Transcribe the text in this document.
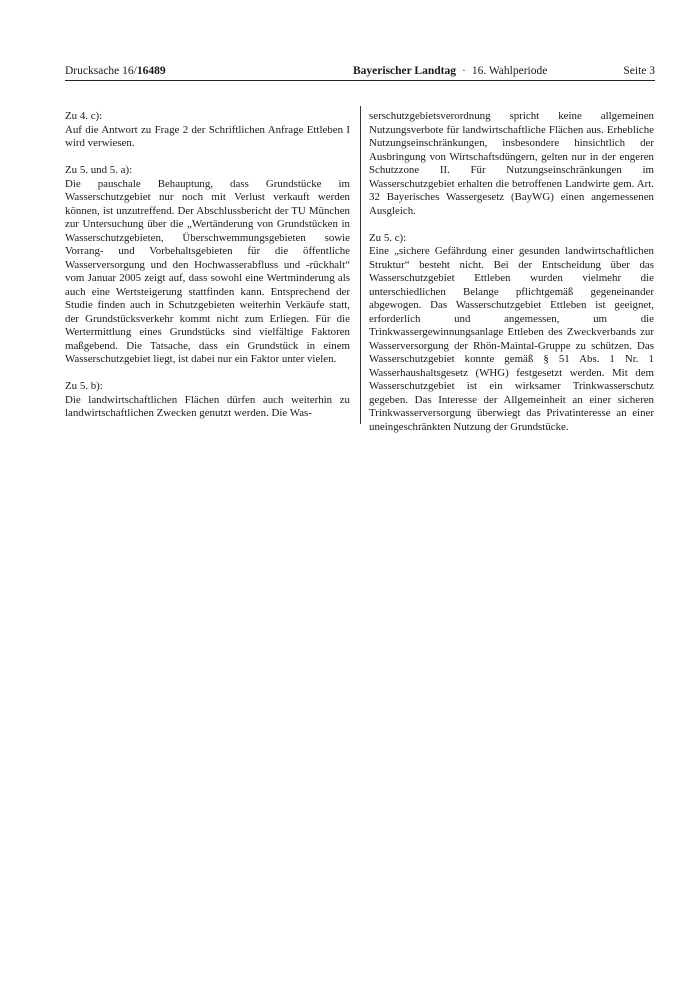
Drucksache 16/16489	Bayerischer Landtag · 16. Wahlperiode	Seite 3

Zu 4. c):
Auf die Antwort zu Frage 2 der Schriftlichen Anfrage Ettleben I wird verwiesen.

Zu 5. und 5. a):
Die pauschale Behauptung, dass Grundstücke im Wasserschutzgebiet nur noch mit Verlust verkauft werden können, ist unzutreffend. Der Abschlussbericht der TU München zur Untersuchung über die „Wertänderung von Grundstücken in Wasserschutzgebieten, Überschwemmungsgebieten sowie Vorrang- und Vorbehaltsgebieten für die öffentliche Wasserversorgung und den Hochwasserabfluss und -rückhalt“ vom Januar 2005 zeigt auf, dass sowohl eine Wertminderung als auch eine Wertsteigerung stattfinden kann. Entsprechend der Studie finden auch in Schutzgebieten weiterhin Verkäufe statt, der Grundstücksverkehr kommt nicht zum Erliegen. Für die Wertermittlung eines Grundstücks sind vielfältige Faktoren maßgebend. Die Tatsache, dass ein Grundstück in einem Wasserschutzgebiet liegt, ist dabei nur ein Faktor unter vielen.

Zu 5. b):
Die landwirtschaftlichen Flächen dürfen auch weiterhin zu landwirtschaftlichen Zwecken genutzt werden. Die Was-

serschutzgebietsverordnung spricht keine allgemeinen Nutzungsverbote für landwirtschaftliche Flächen aus. Erhebliche Nutzungseinschränkungen, insbesondere hinsichtlich der Ausbringung von Wirtschaftsdüngern, gelten nur in der engeren Schutzzone II. Für Nutzungseinschränkungen im Wasserschutzgebiet erhalten die betroffenen Landwirte gem. Art. 32 Bayerisches Wassergesetz (BayWG) einen angemessenen Ausgleich.

Zu 5. c):
Eine „sichere Gefährdung einer gesunden landwirtschaftlichen Struktur“ besteht nicht. Bei der Entscheidung über das Wasserschutzgebiet Ettleben wurden vielmehr die unterschiedlichen Belange pflichtgemäß gegeneinander abgewogen. Das Wasserschutzgebiet Ettleben ist geeignet, erforderlich und angemessen, um die Trinkwassergewinnungsanlage Ettleben des Zweckverbands zur Wasserversorgung der Rhön-Maintal-Gruppe zu schützen. Das Wasserschutzgebiet konnte gemäß § 51 Abs. 1 Nr. 1 Wasserhaushaltsgesetz (WHG) festgesetzt werden. Mit dem Wasserschutzgebiet ist ein wirksamer Trinkwasserschutz gegeben. Das Interesse der Allgemeinheit an einer sicheren Trinkwasserversorgung überwiegt das Privatinteresse an einer uneingeschränkten Nutzung der Grundstücke.
